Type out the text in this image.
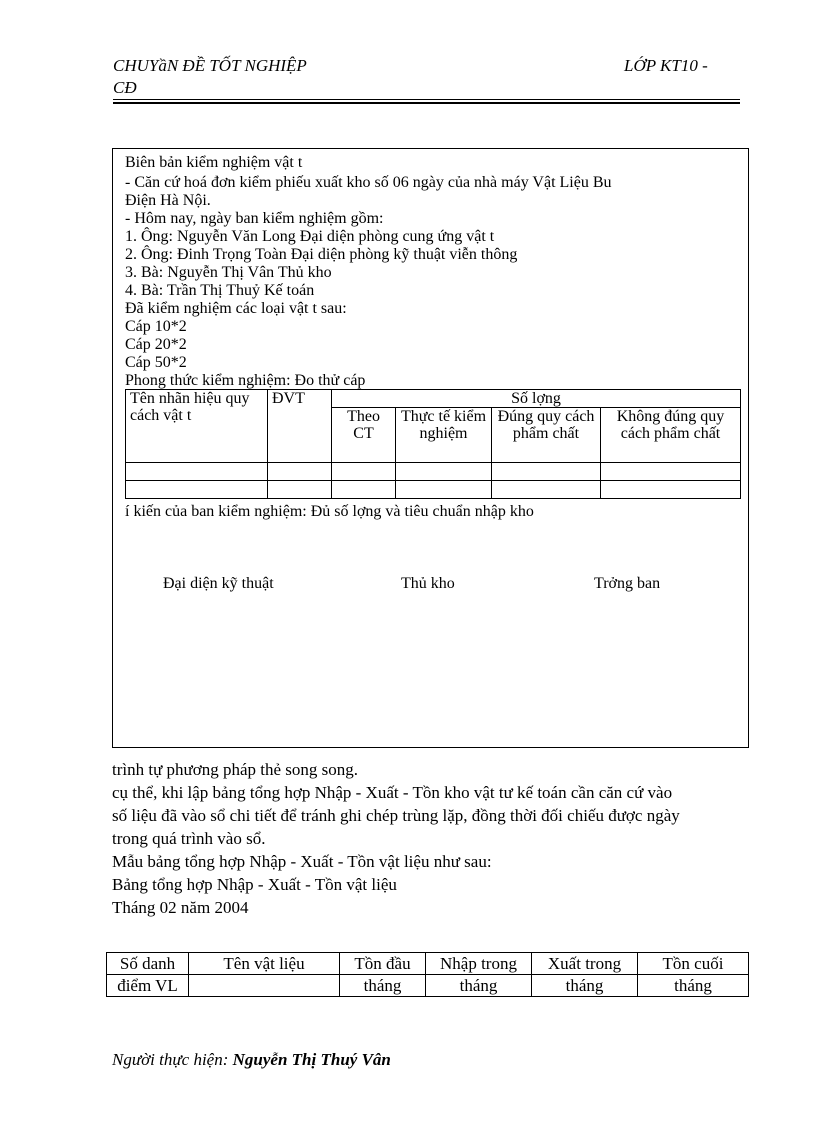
CHUYầN ĐỀ TỐT NGHIỆP
CĐ
LỚP KT10 -
Biên bản kiểm nghiệm vật t
- Căn cứ hoá đơn kiểm phiếu xuất kho số 06 ngày của nhà máy Vật Liệu Bu
Điện Hà Nội.
- Hôm nay, ngày ban kiểm nghiệm gồm:
1. Ông: Nguyễn Văn Long Đại diện phòng cung ứng vật t
2. Ông: Đinh Trọng Toàn Đại diện phòng kỹ thuật viễn thông
3. Bà: Nguyễn Thị Vân Thủ kho
4. Bà: Trần Thị Thuỷ Kế toán
Đã kiểm nghiệm các loại vật t sau:
Cáp 10*2
Cáp 20*2
Cáp 50*2
Phong thức kiểm nghiệm: Đo thử cáp
Tên nhãn hiệu quy cách vật t	ĐVT	Số lợng			
		Theo CT	Thực tế kiểm nghiệm	Đúng quy cách phẩm chất	Không đúng quy cách phẩm chất

í kiến của ban kiểm nghiệm: Đủ số lợng và tiêu chuẩn nhập kho
Đại diện kỹ thuật	Thủ kho	Trởng ban
trình tự phương pháp thẻ song song.
cụ thể, khi lập bảng tổng hợp Nhập - Xuất - Tồn kho vật tư kế toán cần căn cứ vào
số liệu đã vào sổ chi tiết để tránh ghi chép trùng lặp, đồng thời đối chiếu được ngày
trong quá trình vào sổ.
Mẫu bảng tổng hợp Nhập - Xuất - Tồn vật liệu như sau:
Bảng tổng hợp Nhập - Xuất - Tồn vật liệu
Tháng 02 năm 2004
Số danh	Tên vật liệu	Tồn đầu	Nhập trong	Xuất trong	Tồn cuối
điểm VL		tháng	tháng	tháng	tháng
Người thực hiện: Nguyễn Thị Thuý Vân
